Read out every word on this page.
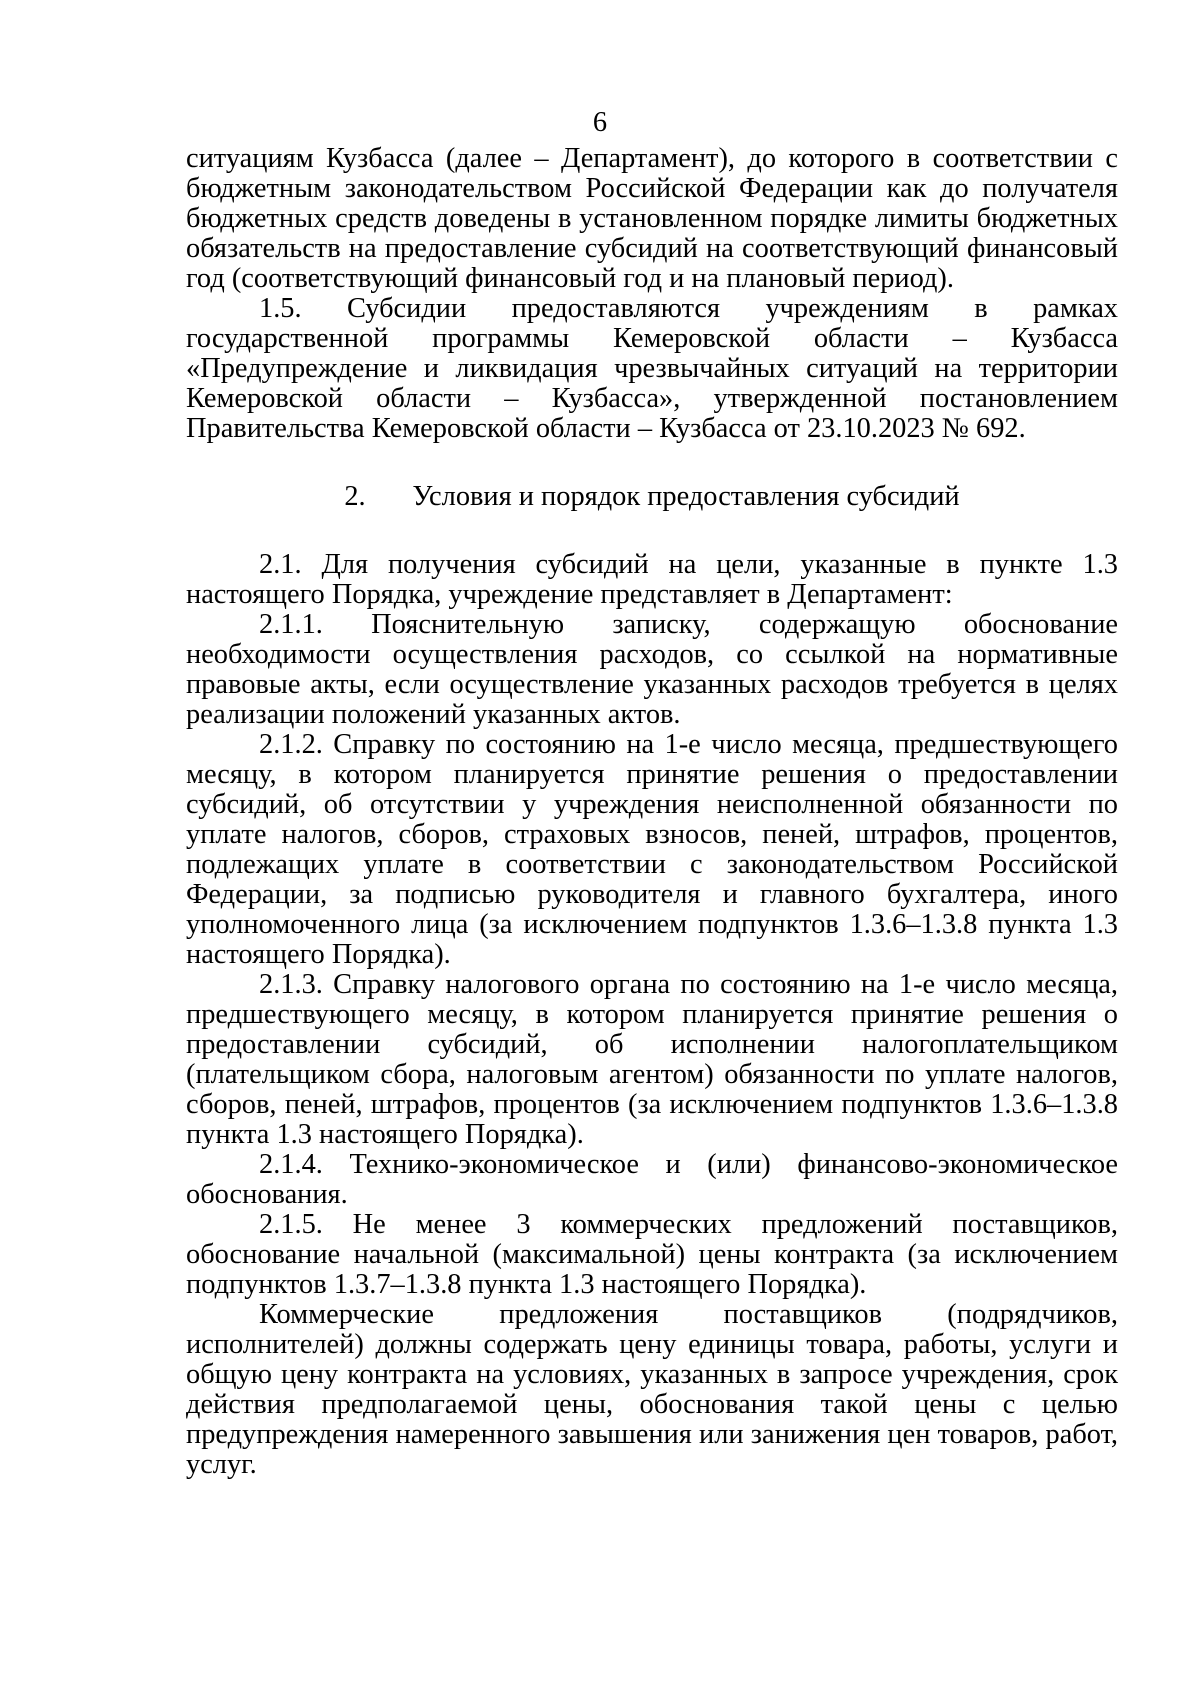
6

ситуациям Кузбасса (далее – Департамент), до которого в соответствии с бюджетным законодательством Российской Федерации как до получателя бюджетных средств доведены в установленном порядке лимиты бюджетных обязательств на предоставление субсидий на соответствующий финансовый год (соответствующий финансовый год и на плановый период).

1.5. Субсидии предоставляются учреждениям в рамках государственной программы Кемеровской области – Кузбасса «Предупреждение и ликвидация чрезвычайных ситуаций на территории Кемеровской области – Кузбасса», утвержденной постановлением Правительства Кемеровской области – Кузбасса от 23.10.2023 № 692.

2. Условия и порядок предоставления субсидий

2.1. Для получения субсидий на цели, указанные в пункте 1.3 настоящего Порядка, учреждение представляет в Департамент:

2.1.1. Пояснительную записку, содержащую обоснование необходимости осуществления расходов, со ссылкой на нормативные правовые акты, если осуществление указанных расходов требуется в целях реализации положений указанных актов.

2.1.2. Справку по состоянию на 1-е число месяца, предшествующего месяцу, в котором планируется принятие решения о предоставлении субсидий, об отсутствии у учреждения неисполненной обязанности по уплате налогов, сборов, страховых взносов, пеней, штрафов, процентов, подлежащих уплате в соответствии с законодательством Российской Федерации, за подписью руководителя и главного бухгалтера, иного уполномоченного лица (за исключением подпунктов 1.3.6–1.3.8 пункта 1.3 настоящего Порядка).

2.1.3. Справку налогового органа по состоянию на 1-е число месяца, предшествующего месяцу, в котором планируется принятие решения о предоставлении субсидий, об исполнении налогоплательщиком (плательщиком сбора, налоговым агентом) обязанности по уплате налогов, сборов, пеней, штрафов, процентов (за исключением подпунктов 1.3.6–1.3.8 пункта 1.3 настоящего Порядка).

2.1.4. Технико-экономическое и (или) финансово-экономическое обоснования.

2.1.5. Не менее 3 коммерческих предложений поставщиков, обоснование начальной (максимальной) цены контракта (за исключением подпунктов 1.3.7–1.3.8 пункта 1.3 настоящего Порядка).

Коммерческие предложения поставщиков (подрядчиков, исполнителей) должны содержать цену единицы товара, работы, услуги и общую цену контракта на условиях, указанных в запросе учреждения, срок действия предполагаемой цены, обоснования такой цены с целью предупреждения намеренного завышения или занижения цен товаров, работ, услуг.
